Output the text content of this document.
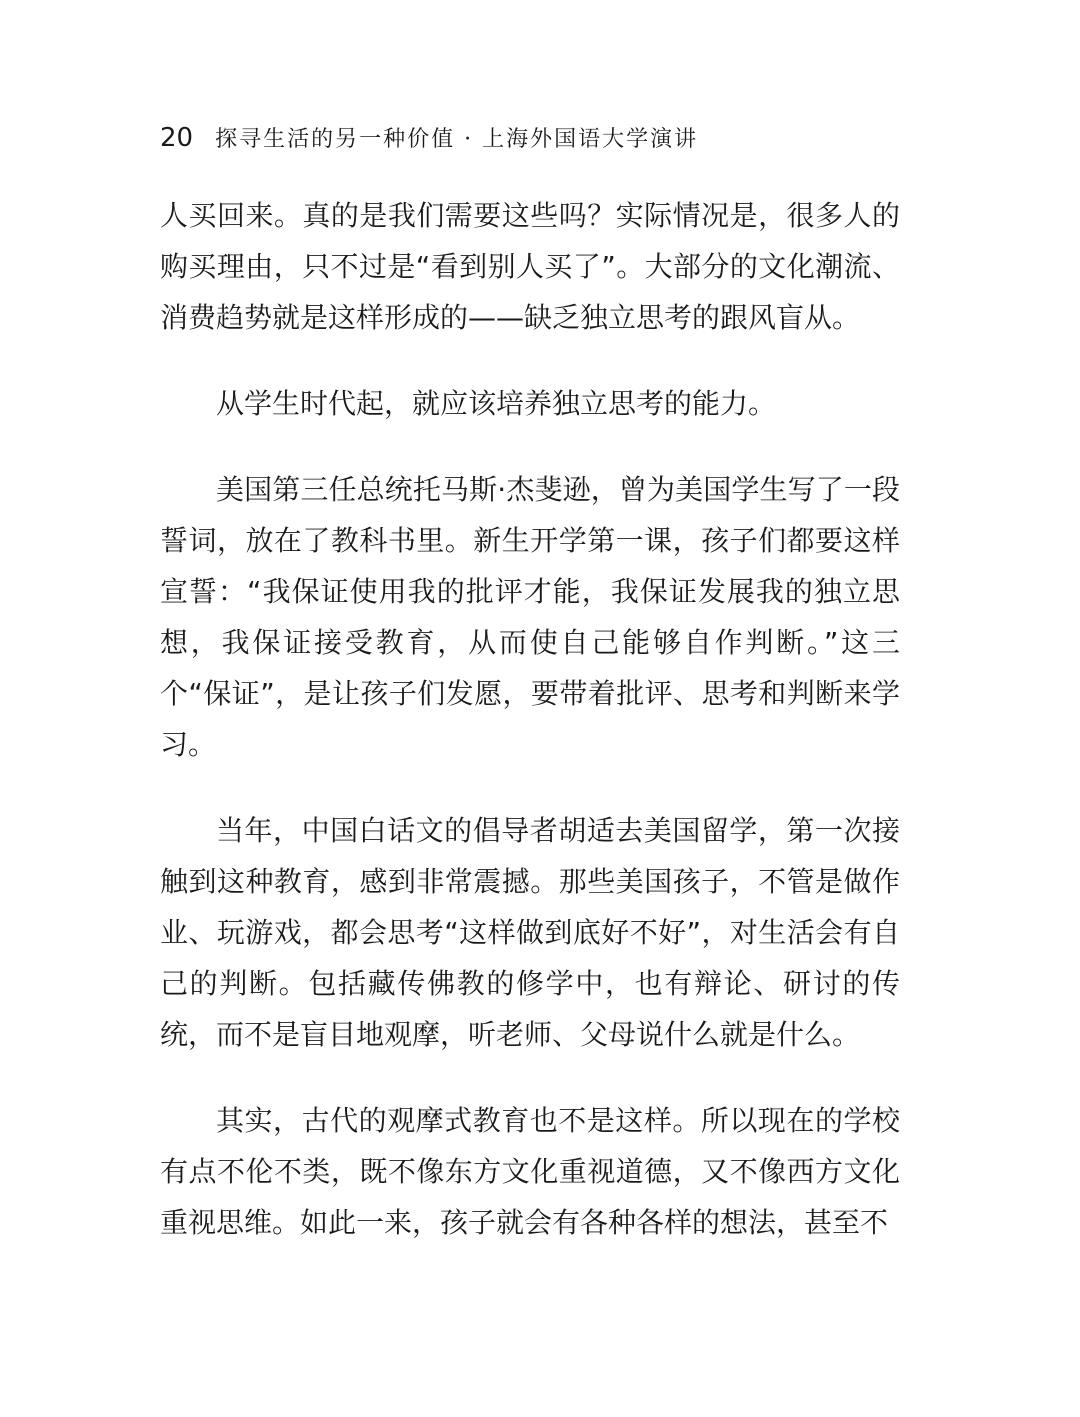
20 探寻生活的另一种价值 · 上海外国语大学演讲

人买回来。真的是我们需要这些吗？实际情况是，很多人的购买理由，只不过是“看到别人买了”。大部分的文化潮流、消费趋势就是这样形成的——缺乏独立思考的跟风盲从。

从学生时代起，就应该培养独立思考的能力。

美国第三任总统托马斯·杰斐逊，曾为美国学生写了一段誓词，放在了教科书里。新生开学第一课，孩子们都要这样宣誓：“我保证使用我的批评才能，我保证发展我的独立思想，我保证接受教育，从而使自己能够自作判断。”这三个“保证”，是让孩子们发愿，要带着批评、思考和判断来学习。

当年，中国白话文的倡导者胡适去美国留学，第一次接触到这种教育，感到非常震撼。那些美国孩子，不管是做作业、玩游戏，都会思考“这样做到底好不好”，对生活会有自己的判断。包括藏传佛教的修学中，也有辩论、研讨的传统，而不是盲目地观摩，听老师、父母说什么就是什么。

其实，古代的观摩式教育也不是这样。所以现在的学校有点不伦不类，既不像东方文化重视道德，又不像西方文化重视思维。如此一来，孩子就会有各种各样的想法，甚至不
